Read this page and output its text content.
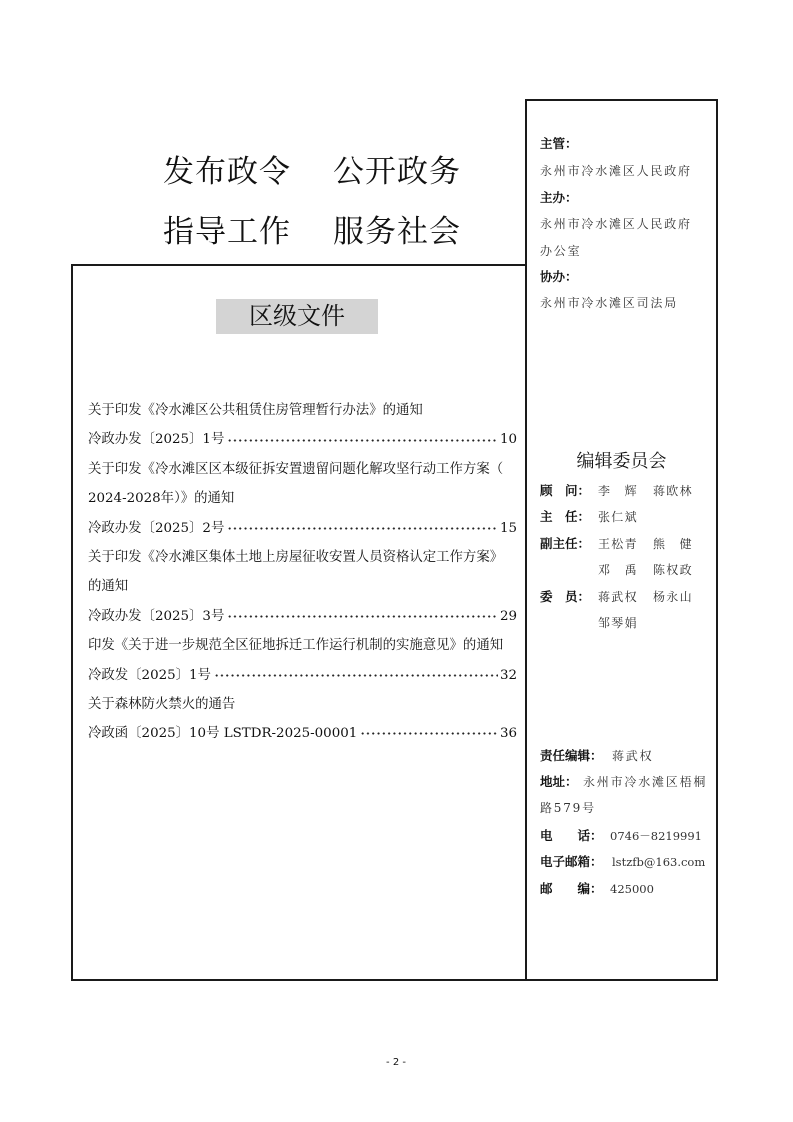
发布政令 公开政务
指导工作 服务社会
区级文件
关于印发《冷水滩区公共租赁住房管理暂行办法》的通知
冷政办发〔2025〕1号	10
关于印发《冷水滩区区本级征拆安置遗留问题化解攻坚行动工作方案（
2024-2028年）》的通知
冷政办发〔2025〕2号	15
关于印发《冷水滩区集体土地上房屋征收安置人员资格认定工作方案》
的通知
冷政办发〔2025〕3号	29
印发《关于进一步规范全区征地拆迁工作运行机制的实施意见》的通知
冷政发〔2025〕1号	32
关于森林防火禁火的通告
冷政函〔2025〕10号 LSTDR-2025-00001	36
主管：
永州市冷水滩区人民政府
主办：
永州市冷水滩区人民政府
办公室
协办：
永州市冷水滩区司法局
编辑委员会
顾　问： 李　辉 蒋欧林
主　任： 张仁斌
副主任： 王松青 熊　健
邓　禹 陈权政
委　员： 蒋武权 杨永山
邹琴娟
责任编辑： 蒋武权
地址： 永州市冷水滩区梧桐
路579号
电　　话： 0746－8219991
电子邮箱： lstzfb@163.com
邮　　编： 425000
- 2 -
